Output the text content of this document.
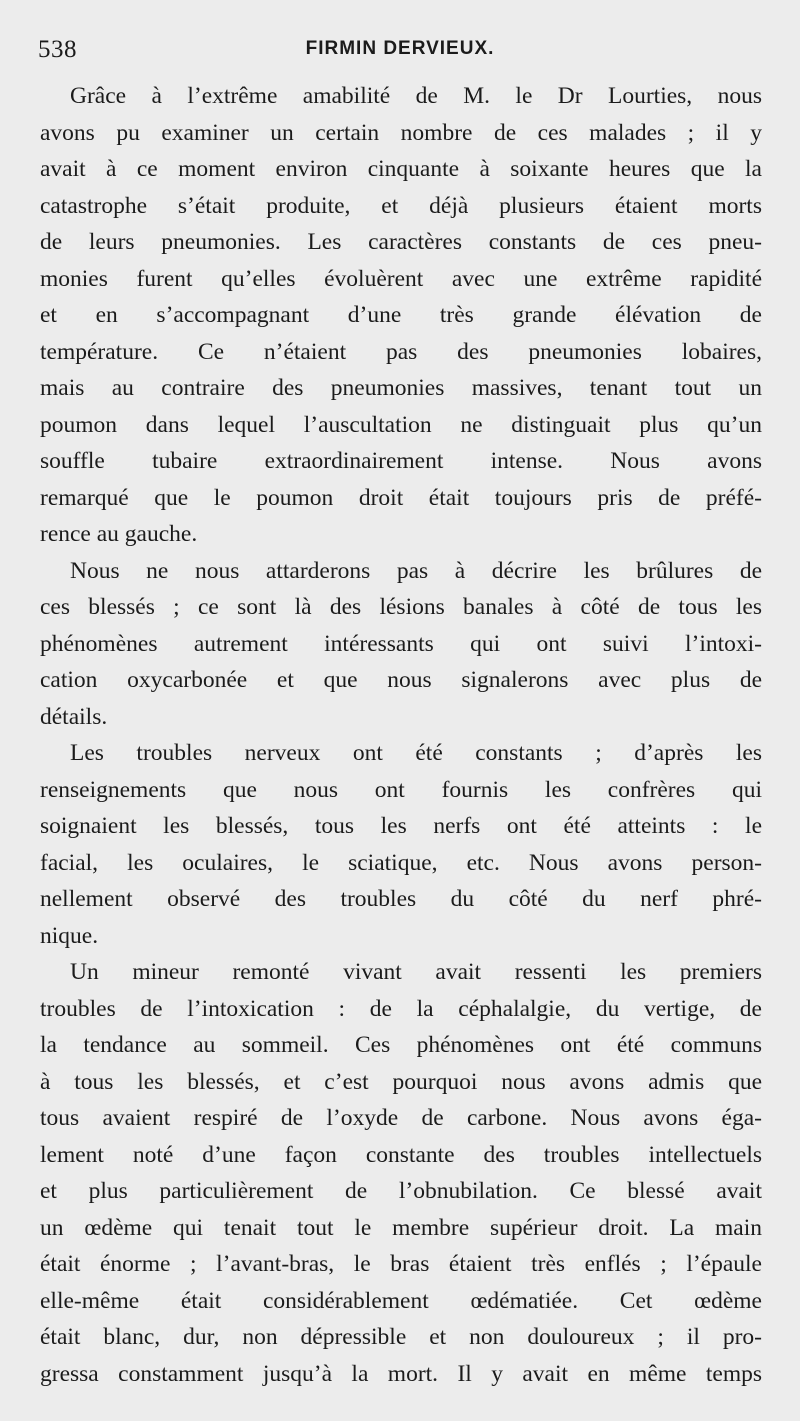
538	FIRMIN DERVIEUX.
Grâce à l’extrême amabilité de M. le Dr Lourties, nous
avons pu examiner un certain nombre de ces malades ; il y
avait à ce moment environ cinquante à soixante heures que la
catastrophe s’était produite, et déjà plusieurs étaient morts
de leurs pneumonies. Les caractères constants de ces pneu-
monies furent qu’elles évoluèrent avec une extrême rapidité
et en s’accompagnant d’une très grande élévation de
température. Ce n’étaient pas des pneumonies lobaires,
mais au contraire des pneumonies massives, tenant tout un
poumon dans lequel l’auscultation ne distinguait plus qu’un
souffle tubaire extraordinairement intense. Nous avons
remarqué que le poumon droit était toujours pris de préfé-
rence au gauche.
Nous ne nous attarderons pas à décrire les brûlures de
ces blessés ; ce sont là des lésions banales à côté de tous les
phénomènes autrement intéressants qui ont suivi l’intoxi-
cation oxycarbonée et que nous signalerons avec plus de
détails.
Les troubles nerveux ont été constants ; d’après les
renseignements que nous ont fournis les confrères qui
soignaient les blessés, tous les nerfs ont été atteints : le
facial, les oculaires, le sciatique, etc. Nous avons person-
nellement observé des troubles du côté du nerf phré-
nique.
Un mineur remonté vivant avait ressenti les premiers
troubles de l’intoxication : de la céphalalgie, du vertige, de
la tendance au sommeil. Ces phénomènes ont été communs
à tous les blessés, et c’est pourquoi nous avons admis que
tous avaient respiré de l’oxyde de carbone. Nous avons éga-
lement noté d’une façon constante des troubles intellectuels
et plus particulièrement de l’obnubilation. Ce blessé avait
un œdème qui tenait tout le membre supérieur droit. La main
était énorme ; l’avant-bras, le bras étaient très enflés ; l’épaule
elle-même était considérablement œdématiée. Cet œdème
était blanc, dur, non dépressible et non douloureux ; il pro-
gressa constamment jusqu’à la mort. Il y avait en même temps
